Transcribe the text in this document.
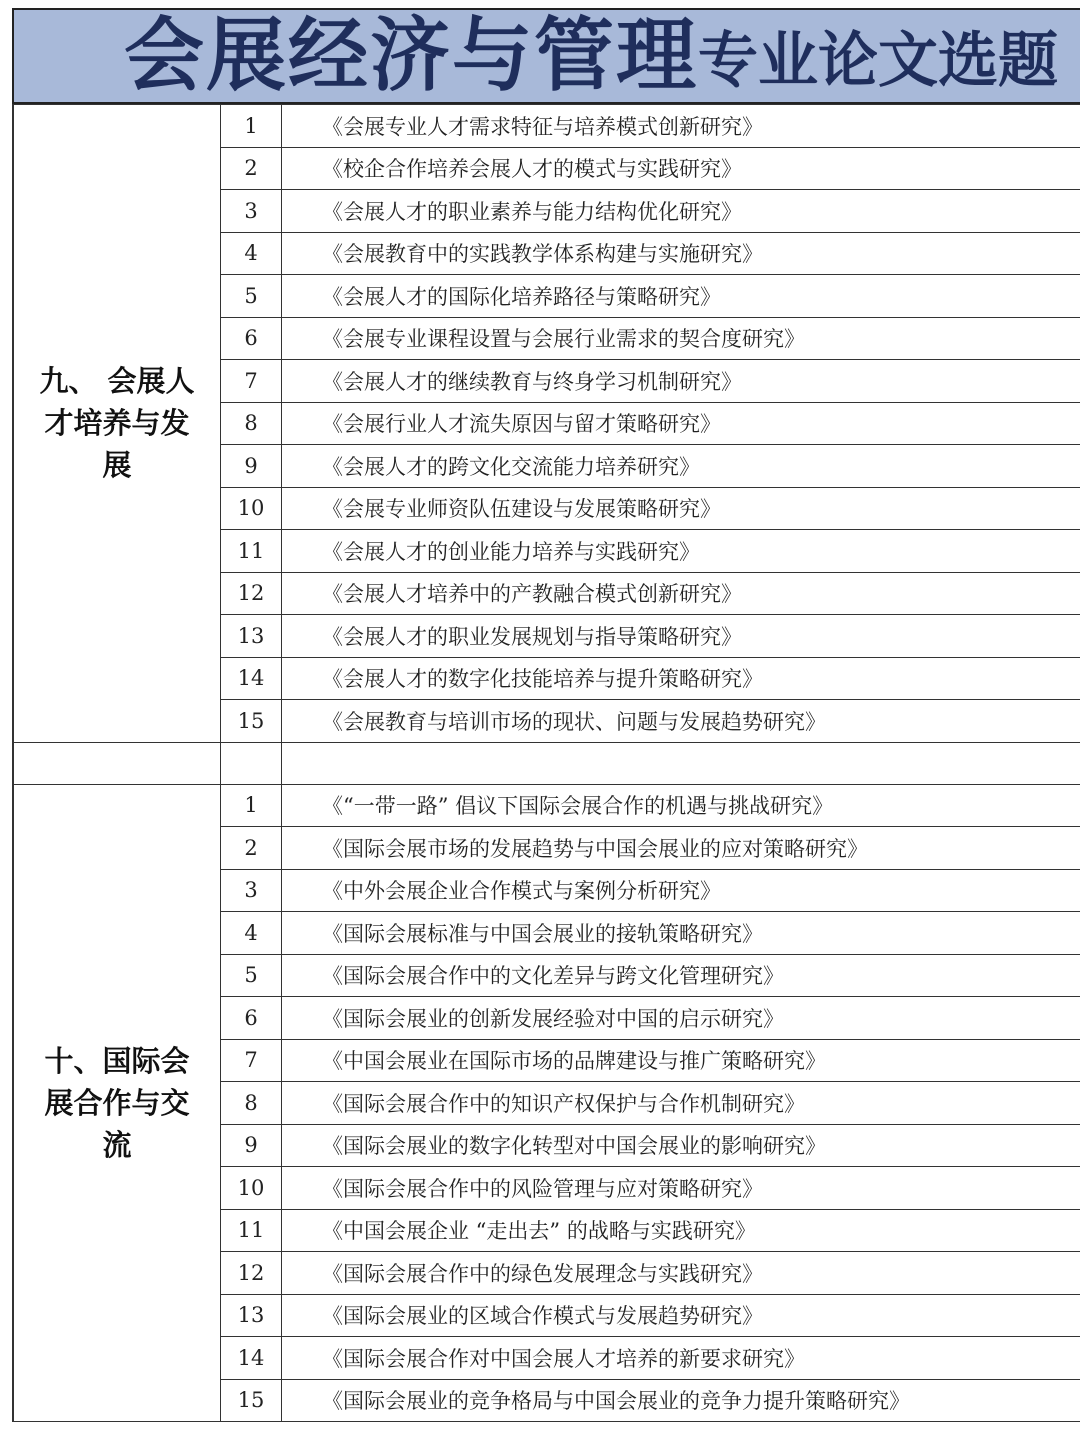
会展经济与管理 专业论文选题
九、 会展人才培养与发展	1	《会展专业人才需求特征与培养模式创新研究》
	2	《校企合作培养会展人才的模式与实践研究》
	3	《会展人才的职业素养与能力结构优化研究》
	4	《会展教育中的实践教学体系构建与实施研究》
	5	《会展人才的国际化培养路径与策略研究》
	6	《会展专业课程设置与会展行业需求的契合度研究》
	7	《会展人才的继续教育与终身学习机制研究》
	8	《会展行业人才流失原因与留才策略研究》
	9	《会展人才的跨文化交流能力培养研究》
	10	《会展专业师资队伍建设与发展策略研究》
	11	《会展人才的创业能力培养与实践研究》
	12	《会展人才培养中的产教融合模式创新研究》
	13	《会展人才的职业发展规划与指导策略研究》
	14	《会展人才的数字化技能培养与提升策略研究》
	15	《会展教育与培训市场的现状、问题与发展趋势研究》

十、国际会展合作与交流	1	《“一带一路” 倡议下国际会展合作的机遇与挑战研究》
	2	《国际会展市场的发展趋势与中国会展业的应对策略研究》
	3	《中外会展企业合作模式与案例分析研究》
	4	《国际会展标准与中国会展业的接轨策略研究》
	5	《国际会展合作中的文化差异与跨文化管理研究》
	6	《国际会展业的创新发展经验对中国的启示研究》
	7	《中国会展业在国际市场的品牌建设与推广策略研究》
	8	《国际会展合作中的知识产权保护与合作机制研究》
	9	《国际会展业的数字化转型对中国会展业的影响研究》
	10	《国际会展合作中的风险管理与应对策略研究》
	11	《中国会展企业 “走出去” 的战略与实践研究》
	12	《国际会展合作中的绿色发展理念与实践研究》
	13	《国际会展业的区域合作模式与发展趋势研究》
	14	《国际会展合作对中国会展人才培养的新要求研究》
	15	《国际会展业的竞争格局与中国会展业的竞争力提升策略研究》
